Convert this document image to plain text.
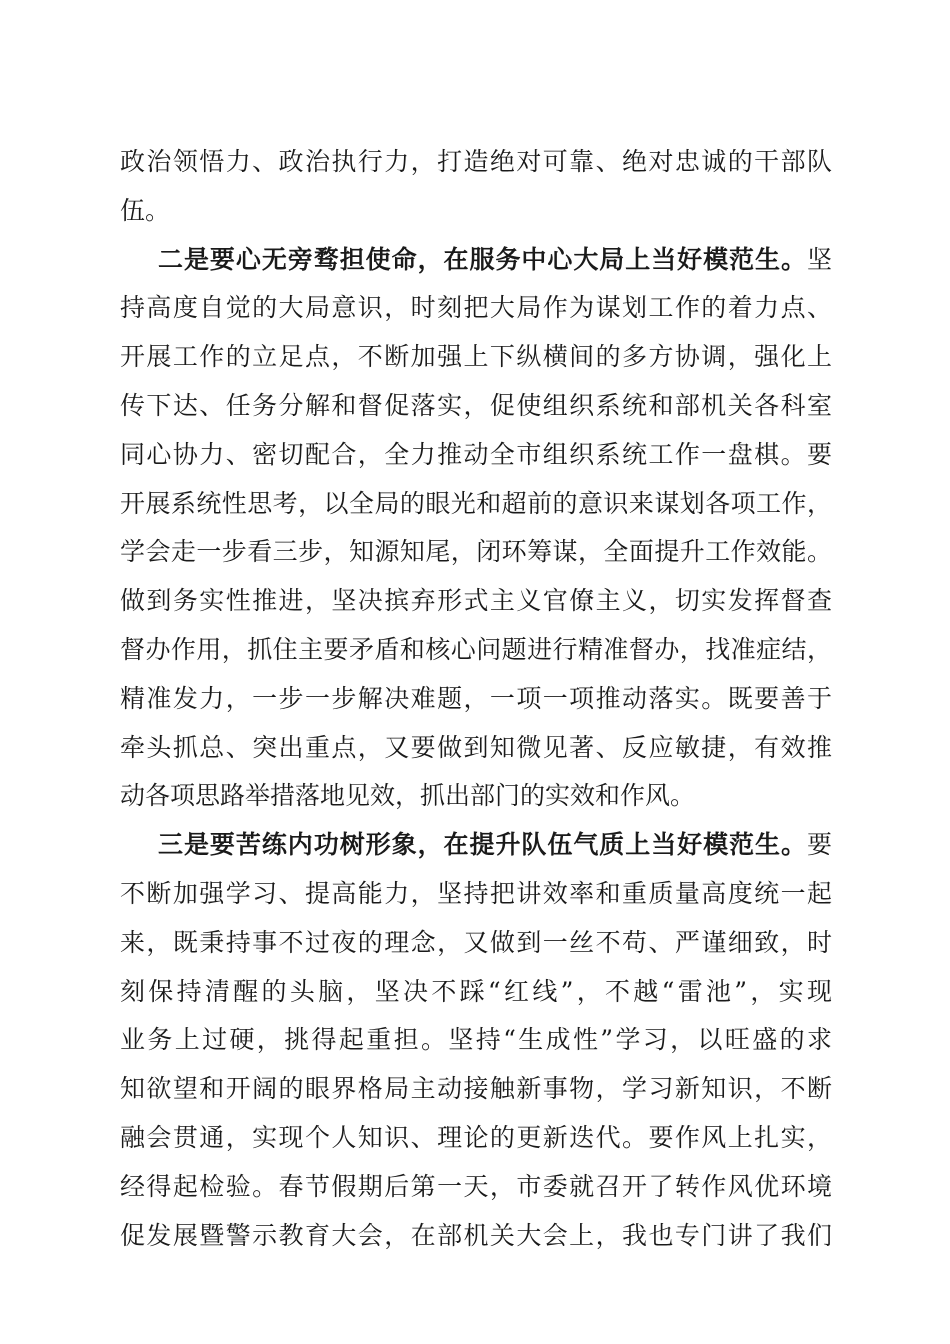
政治领悟力、政治执行力，打造绝对可靠、绝对忠诚的干部队
伍。
二是要心无旁骛担使命，在服务中心大局上当好模范生。坚
持高度自觉的大局意识，时刻把大局作为谋划工作的着力点、
开展工作的立足点，不断加强上下纵横间的多方协调，强化上
传下达、任务分解和督促落实，促使组织系统和部机关各科室
同心协力、密切配合，全力推动全市组织系统工作一盘棋。要
开展系统性思考，以全局的眼光和超前的意识来谋划各项工作，
学会走一步看三步，知源知尾，闭环筹谋，全面提升工作效能。
做到务实性推进，坚决摈弃形式主义官僚主义，切实发挥督查
督办作用，抓住主要矛盾和核心问题进行精准督办，找准症结，
精准发力，一步一步解决难题，一项一项推动落实。既要善于
牵头抓总、突出重点，又要做到知微见著、反应敏捷，有效推
动各项思路举措落地见效，抓出部门的实效和作风。
三是要苦练内功树形象，在提升队伍气质上当好模范生。要
不断加强学习、提高能力，坚持把讲效率和重质量高度统一起
来，既秉持事不过夜的理念，又做到一丝不苟、严谨细致，时
刻保持清醒的头脑，坚决不踩“红线”，不越“雷池”，实现
业务上过硬，挑得起重担。坚持“生成性”学习，以旺盛的求
知欲望和开阔的眼界格局主动接触新事物，学习新知识，不断
融会贯通，实现个人知识、理论的更新迭代。要作风上扎实，
经得起检验。春节假期后第一天，市委就召开了转作风优环境
促发展暨警示教育大会，在部机关大会上，我也专门讲了我们
